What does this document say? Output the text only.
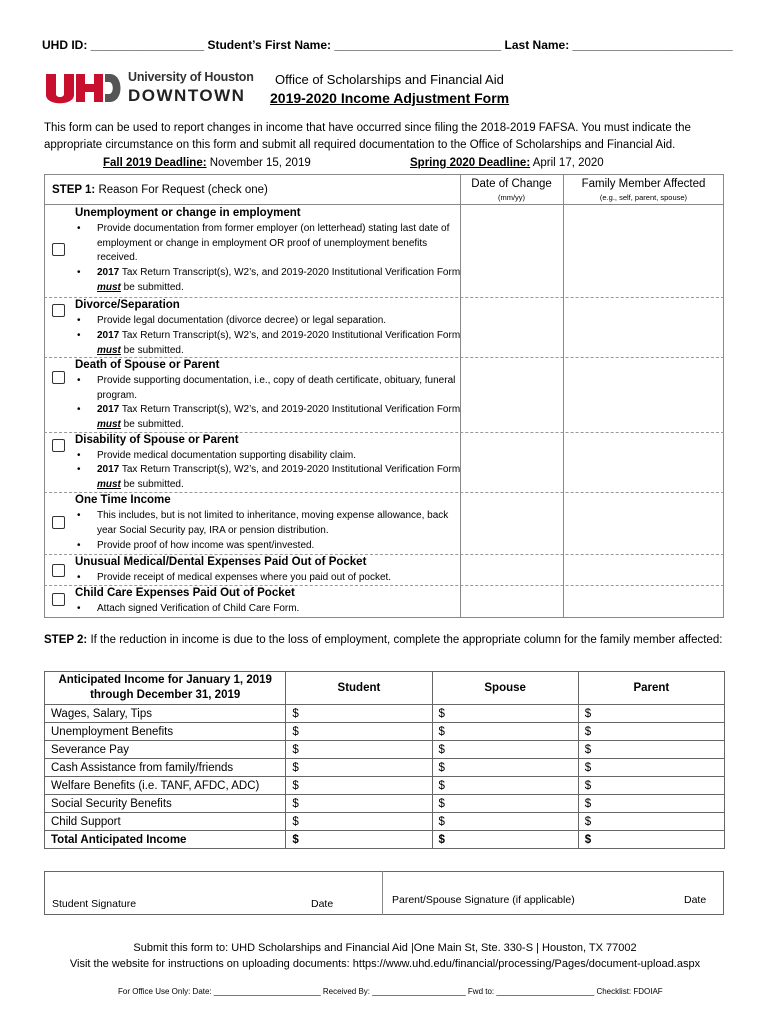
UHD ID: _________________ Student’s First Name: _________________________ Last Name: ________________________
University of Houston
DOWNTOWN
Office of Scholarships and Financial Aid
2019-2020 Income Adjustment Form
This form can be used to report changes in income that have occurred since filing the 2018-2019 FAFSA. You must indicate the appropriate circumstance on this form and submit all required documentation to the Office of Scholarships and Financial Aid.
Fall 2019 Deadline: November 15, 2019	Spring 2020 Deadline: April 17, 2020
STEP 1: Reason For Request (check one)	Date of Change
(mm/yy)
Family Member Affected
(e.g., self, parent, spouse)
Unemployment or change in employment
• Provide documentation from former employer (on letterhead) stating last date of employment or change in employment OR proof of unemployment benefits received.
• 2017 Tax Return Transcript(s), W2’s, and 2019-2020 Institutional Verification Form must be submitted.
Divorce/Separation
• Provide legal documentation (divorce decree) or legal separation.
• 2017 Tax Return Transcript(s), W2’s, and 2019-2020 Institutional Verification Form must be submitted.
Death of Spouse or Parent
• Provide supporting documentation, i.e., copy of death certificate, obituary, funeral program.
• 2017 Tax Return Transcript(s), W2’s, and 2019-2020 Institutional Verification Form must be submitted.
Disability of Spouse or Parent
• Provide medical documentation supporting disability claim.
• 2017 Tax Return Transcript(s), W2’s, and 2019-2020 Institutional Verification Form must be submitted.
One Time Income
• This includes, but is not limited to inheritance, moving expense allowance, back year Social Security pay, IRA or pension distribution.
• Provide proof of how income was spent/invested.
Unusual Medical/Dental Expenses Paid Out of Pocket
• Provide receipt of medical expenses where you paid out of pocket.
Child Care Expenses Paid Out of Pocket
• Attach signed Verification of Child Care Form.
STEP 2: If the reduction in income is due to the loss of employment, complete the appropriate column for the family member affected:
Anticipated Income for January 1, 2019
through December 31, 2019	Student	Spouse	Parent
Wages, Salary, Tips	$	$	$
Unemployment Benefits	$	$	$
Severance Pay	$	$	$
Cash Assistance from family/friends	$	$	$
Welfare Benefits (i.e. TANF, AFDC, ADC)	$	$	$
Social Security Benefits	$	$	$
Child Support	$	$	$
Total Anticipated Income	$	$	$
Student Signature	Date	Parent/Spouse Signature (if applicable)	Date
Submit this form to: UHD Scholarships and Financial Aid |One Main St, Ste. 330-S | Houston, TX 77002
Visit the website for instructions on uploading documents: https://www.uhd.edu/financial/processing/Pages/document-upload.aspx
For Office Use Only: Date: ________________________ Received By: _____________________ Fwd to: ______________________ Checklist: FDOIAF
